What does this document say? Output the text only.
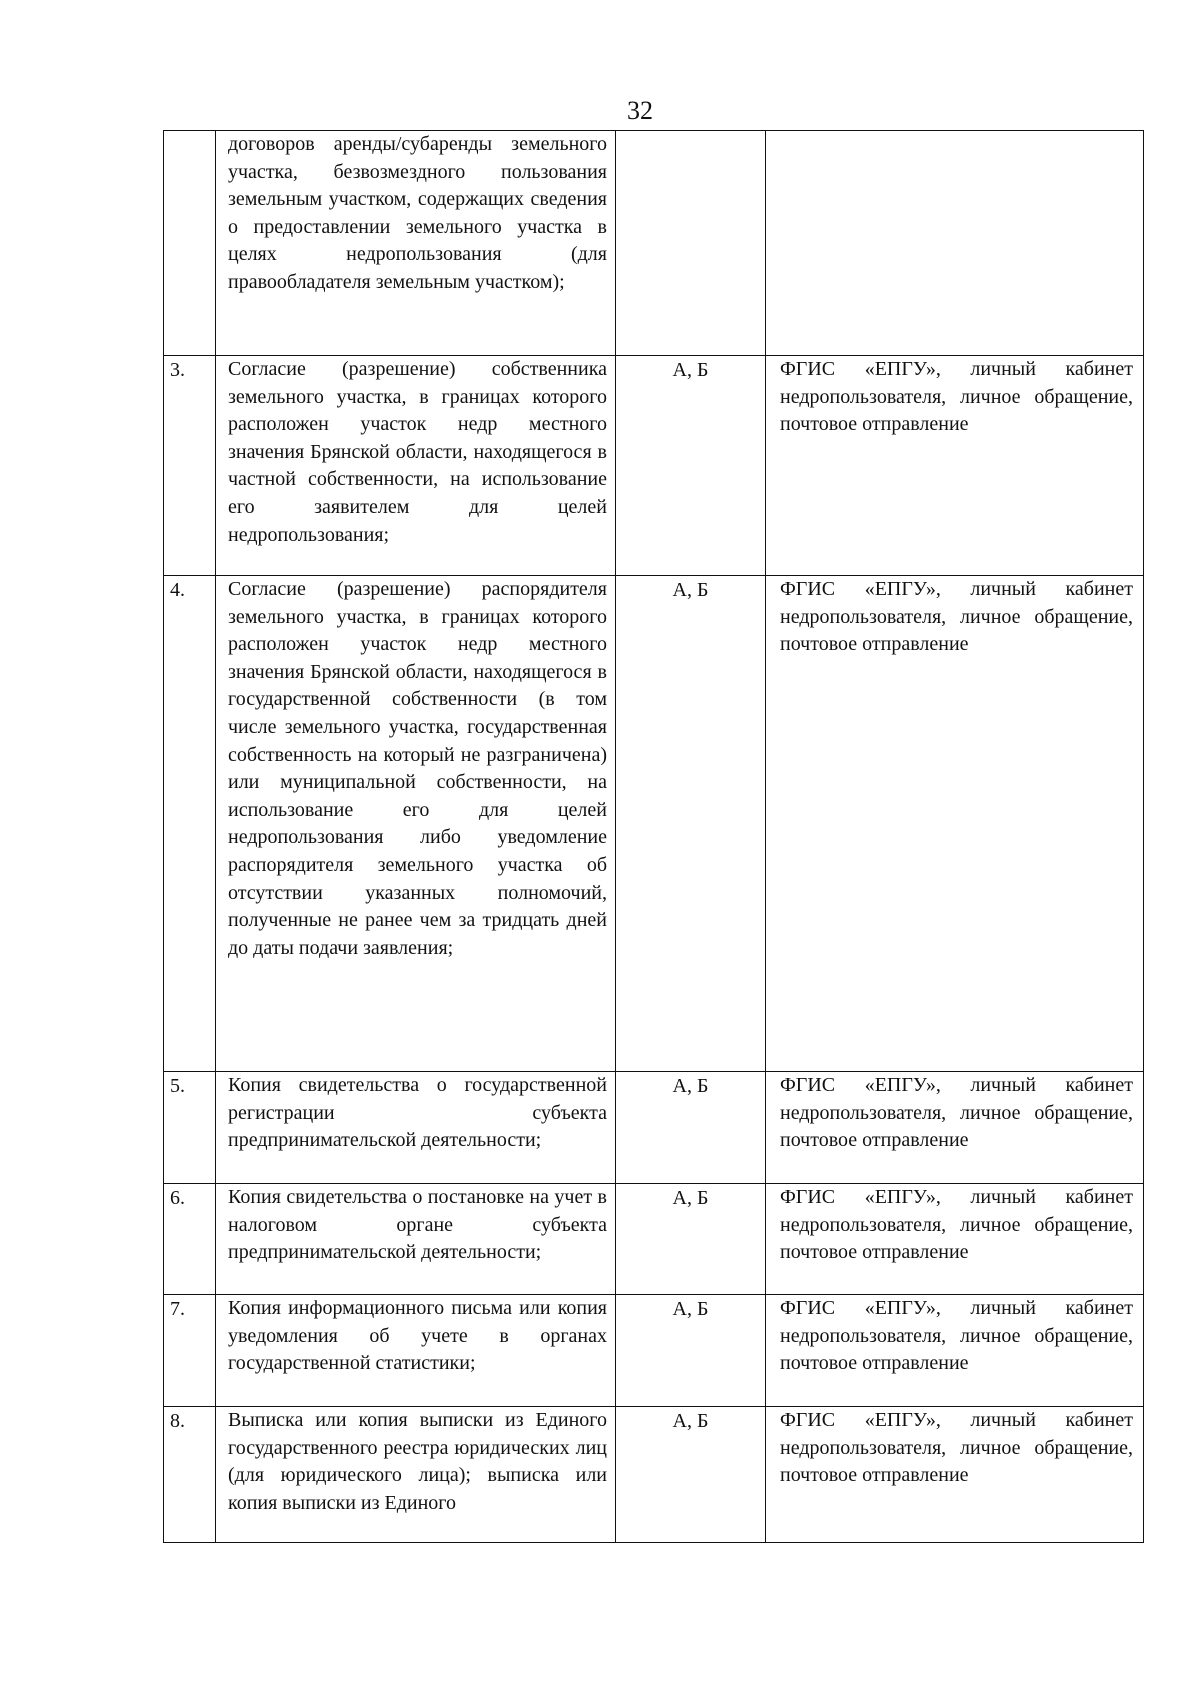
32
	договоров аренды/субаренды земельного участка, безвозмездного пользования земельным участком, содержащих сведения о предоставлении земельного участка в целях недропользования (для правообладателя земельным участком);		
3.	Согласие (разрешение) собственника земельного участка, в границах которого расположен участок недр местного значения Брянской области, находящегося в частной собственности, на использование его заявителем для целей недропользования;	А, Б	ФГИС «ЕПГУ», личный кабинет недропользователя, личное обращение, почтовое отправление
4.	Согласие (разрешение) распорядителя земельного участка, в границах которого расположен участок недр местного значения Брянской области, находящегося в государственной собственности (в том числе земельного участка, государственная собственность на который не разграничена) или муниципальной собственности, на использование его для целей недропользования либо уведомление распорядителя земельного участка об отсутствии указанных полномочий, полученные не ранее чем за тридцать дней до даты подачи заявления;	А, Б	ФГИС «ЕПГУ», личный кабинет недропользователя, личное обращение, почтовое отправление
5.	Копия свидетельства о государственной регистрации субъекта предпринимательской деятельности;	А, Б	ФГИС «ЕПГУ», личный кабинет недропользователя, личное обращение, почтовое отправление
6.	Копия свидетельства о постановке на учет в налоговом органе субъекта предпринимательской деятельности;	А, Б	ФГИС «ЕПГУ», личный кабинет недропользователя, личное обращение, почтовое отправление
7.	Копия информационного письма или копия уведомления об учете в органах государственной статистики;	А, Б	ФГИС «ЕПГУ», личный кабинет недропользователя, личное обращение, почтовое отправление
8.	Выписка или копия выписки из Единого государственного реестра юридических лиц (для юридического лица); выписка или копия выписки из Единого	А, Б	ФГИС «ЕПГУ», личный кабинет недропользователя, личное обращение, почтовое отправление
